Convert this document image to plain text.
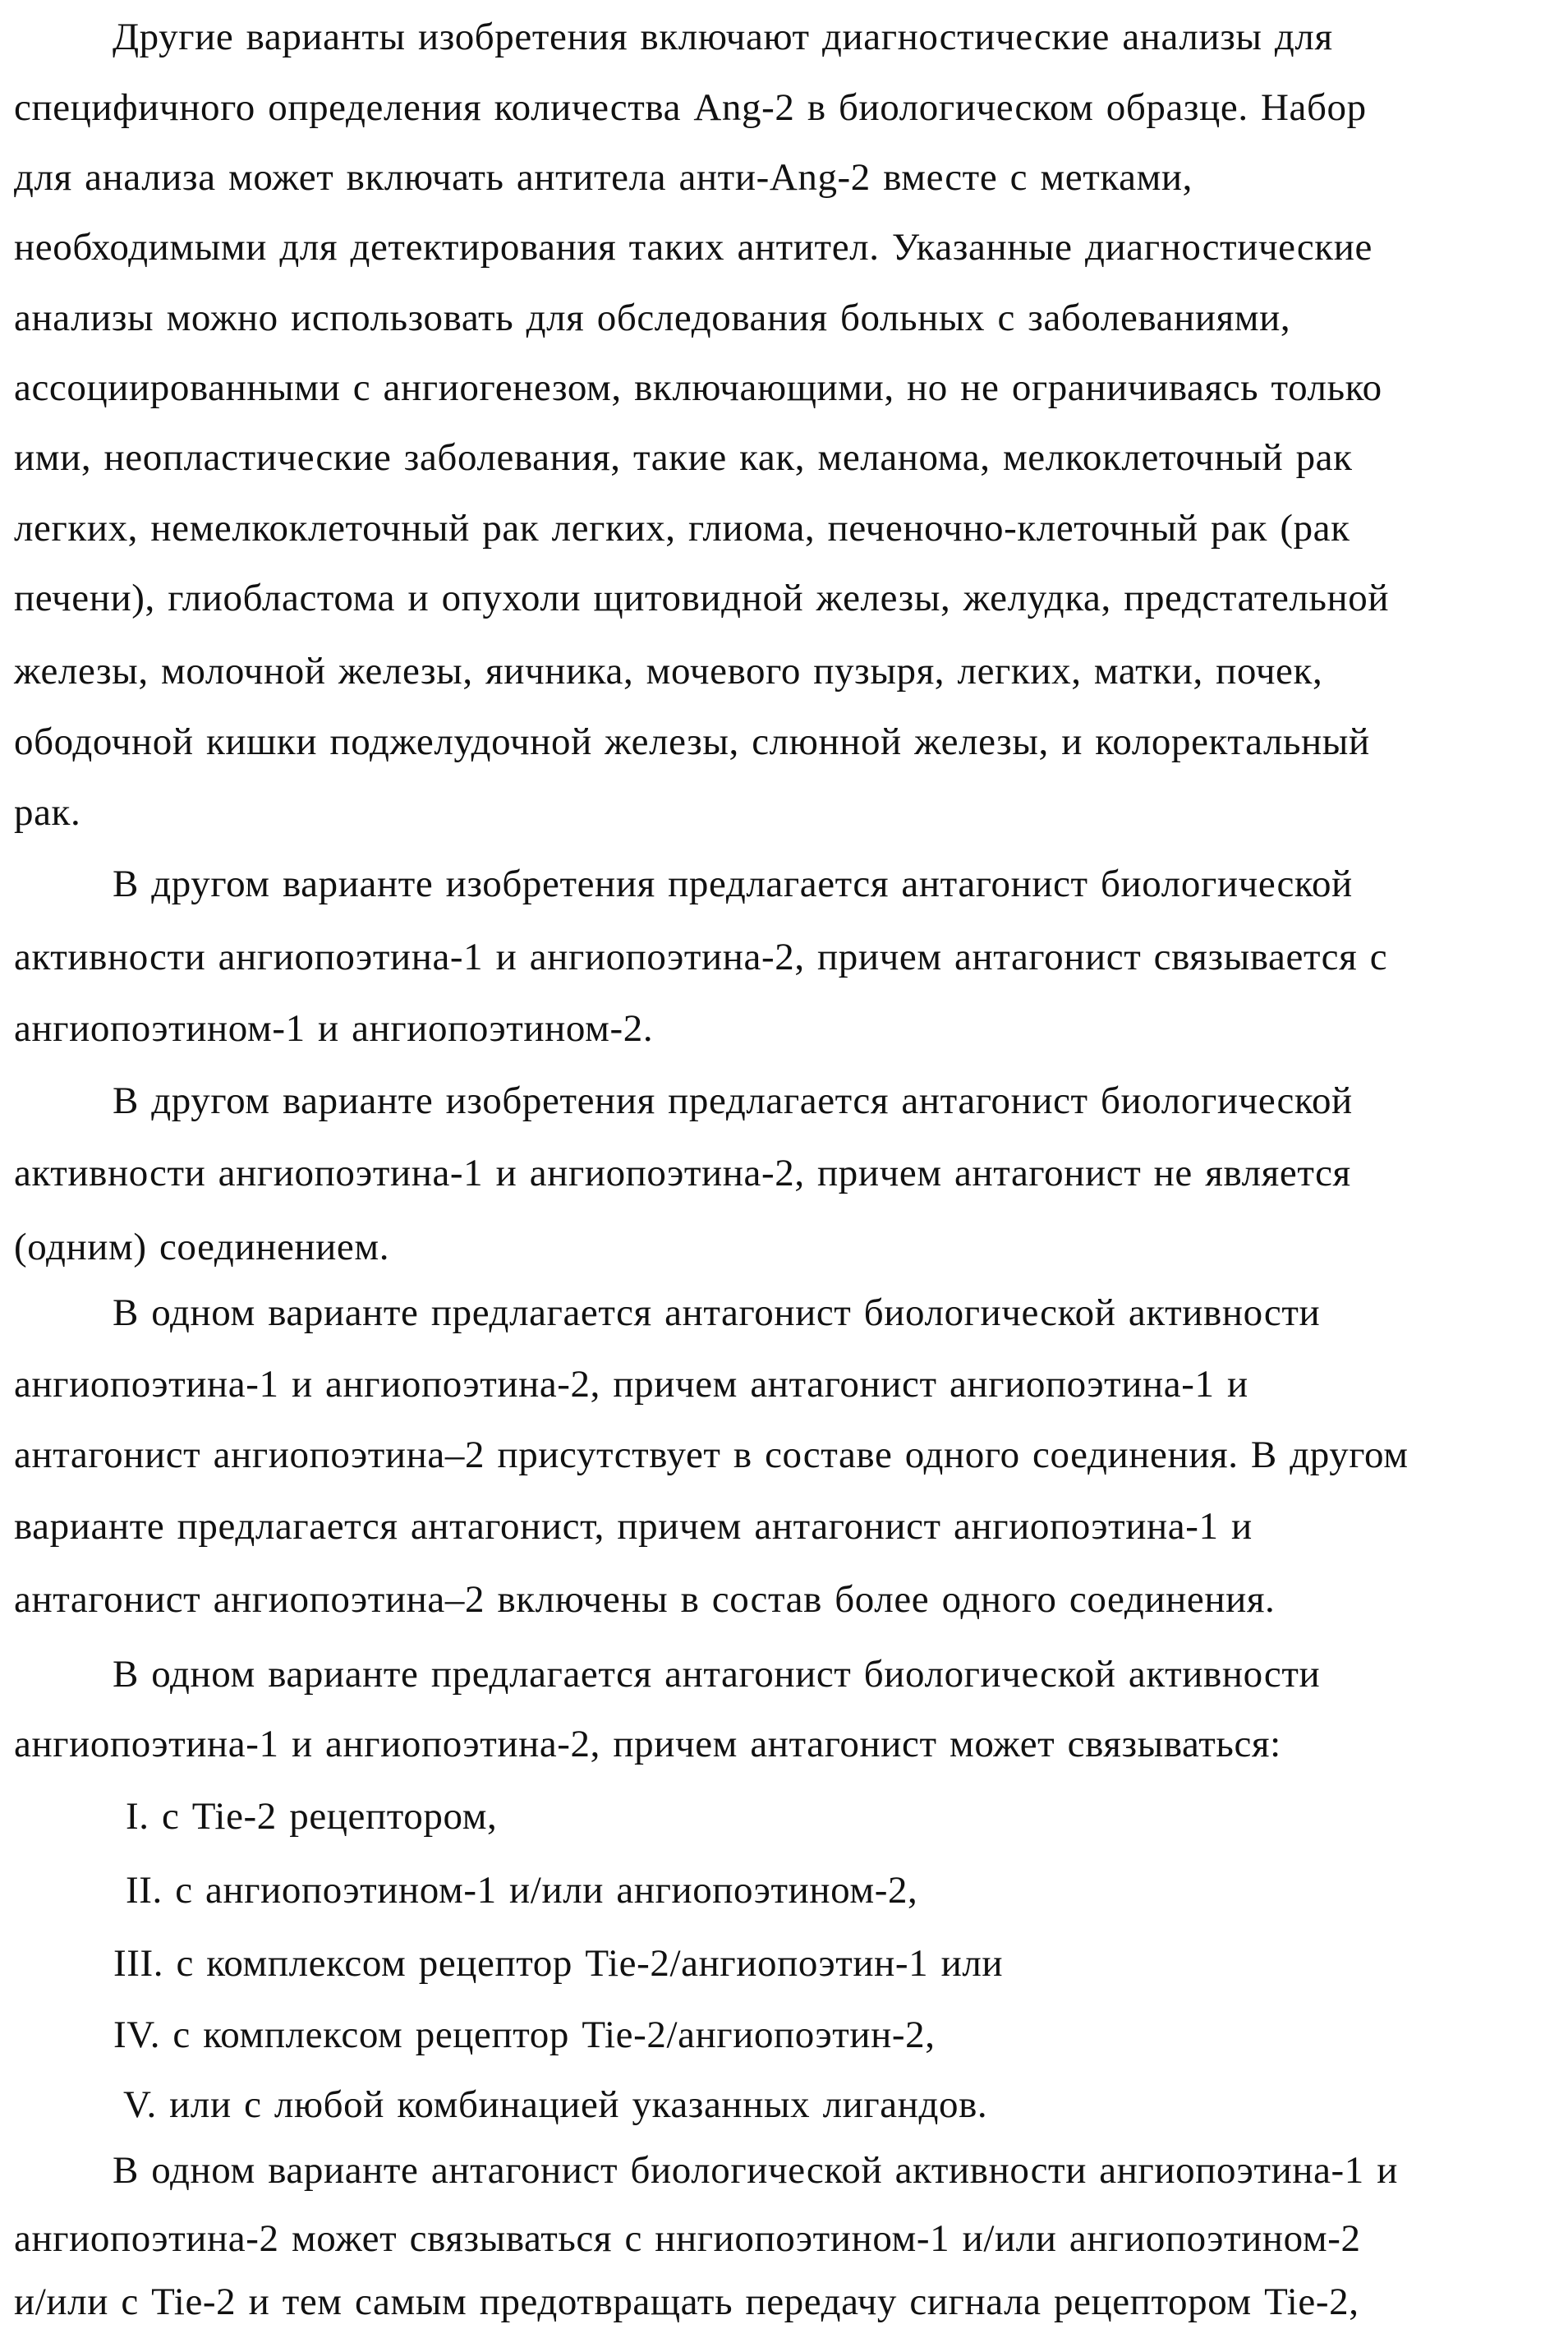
Другие варианты изобретения включают диагностические анализы для
специфичного определения количества Ang-2 в биологическом образце. Набор
для анализа может включать антитела анти-Ang-2 вместе с метками,
необходимыми для детектирования таких антител. Указанные диагностические
анализы можно использовать для обследования больных с заболеваниями,
ассоциированными с ангиогенезом, включающими, но не ограничиваясь только
ими, неопластические заболевания, такие как, меланома, мелкоклеточный рак
легких, немелкоклеточный рак легких, глиома, печеночно-клеточный рак (рак
печени), глиобластома и опухоли щитовидной железы, желудка, предстательной
железы, молочной железы, яичника, мочевого пузыря, легких, матки, почек,
ободочной кишки поджелудочной железы, слюнной железы, и колоректальный
рак.
В другом варианте изобретения предлагается антагонист биологической
активности ангиопоэтина-1 и ангиопоэтина-2, причем антагонист связывается с
ангиопоэтином-1 и ангиопоэтином-2.
В другом варианте изобретения предлагается антагонист биологической
активности ангиопоэтина-1 и ангиопоэтина-2, причем антагонист не является
(одним) соединением.
В одном варианте предлагается антагонист биологической активности
ангиопоэтина-1 и ангиопоэтина-2, причем антагонист ангиопоэтина-1 и
антагонист ангиопоэтина–2 присутствует в составе одного соединения. В другом
варианте предлагается антагонист, причем антагонист ангиопоэтина-1 и
антагонист ангиопоэтина–2 включены в состав более одного соединения.
В одном варианте предлагается антагонист биологической активности
ангиопоэтина-1 и ангиопоэтина-2, причем антагонист может связываться:
I. с Tie-2 рецептором,
II. с ангиопоэтином-1 и/или ангиопоэтином-2,
III. с комплексом рецептор Tie-2/ангиопоэтин-1 или
IV. с комплексом рецептор Tie-2/ангиопоэтин-2,
V. или с любой комбинацией указанных лигандов.
В одном варианте антагонист биологической активности ангиопоэтина-1 и
ангиопоэтина-2 может связываться с ннгиопоэтином-1 и/или ангиопоэтином-2
и/или с Tie-2 и тем самым предотвращать передачу сигнала рецептором Tie-2,
